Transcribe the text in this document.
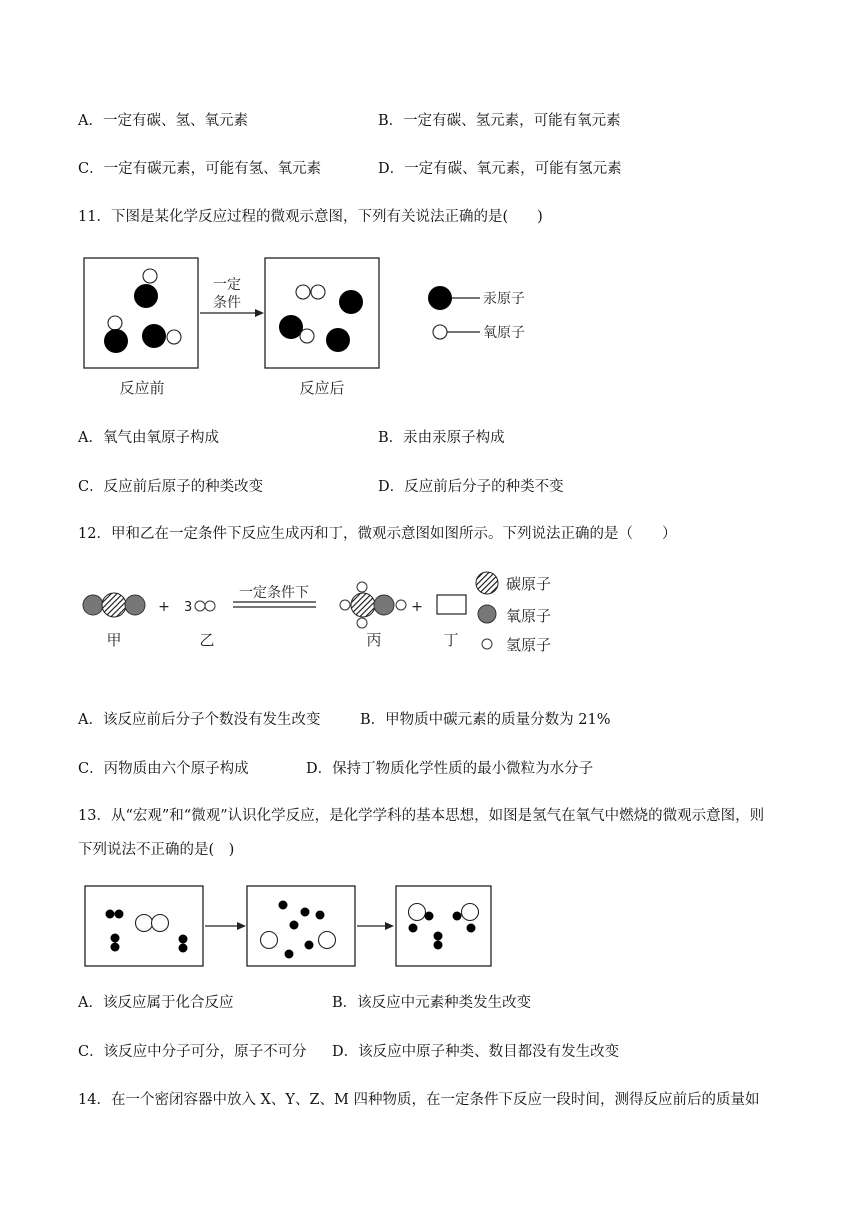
A．一定有碳、氢、氧元素	B．一定有碳、氢元素，可能有氧元素
C．一定有碳元素，可能有氢、氧元素	D．一定有碳、氧元素，可能有氢元素
11．下图是某化学反应过程的微观示意图，下列有关说法正确的是(　　)
反应前
一定
条件
反应后
汞原子
氧原子
A．氧气由氧原子构成	B．汞由汞原子构成
C．反应前后原子的种类改变	D．反应前后分子的种类不变
12．甲和乙在一定条件下反应生成丙和丁，微观示意图如图所示。下列说法正确的是（　　）
甲
+ 3
乙
一定条件下
丙
+
丁
碳原子
氧原子
氢原子
A．该反应前后分子个数没有发生改变	B．甲物质中碳元素的质量分数为 21%
C．丙物质由六个原子构成	D．保持丁物质化学性质的最小微粒为水分子
13．从“宏观”和“微观”认识化学反应，是化学学科的基本思想，如图是氢气在氧气中燃烧的微观示意图，则
下列说法不正确的是(　)
A．该反应属于化合反应	B．该反应中元素种类发生改变
C．该反应中分子可分，原子不可分 D．该反应中原子种类、数目都没有发生改变
14．在一个密闭容器中放入 X、Y、Z、M 四种物质，在一定条件下反应一段时间，测得反应前后的质量如
